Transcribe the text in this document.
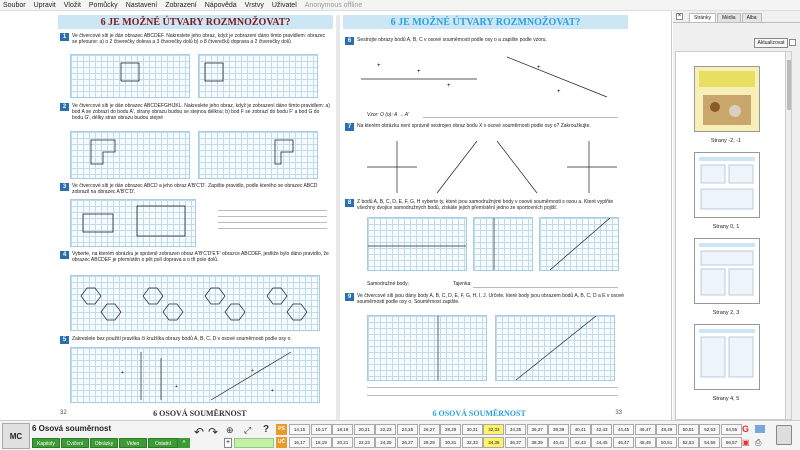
Soubor Upravit Vložit Pomůcky Nastavení Zobrazení Nápověda Vrstvy Uživatel Anonymous offline
6 JE MOŽNÉ ÚTVARY ROZMNOŽOVAT?
1	Ve čtvercové síti je dán obrazec ABCDEF. Nakreslete jeho obraz, když je zobrazení dáno tímto pravidlem: obrazec se přesune: a) o 2 čtverečky doleva a 3 čtverečky dolů b) o 8 čtverečků doprava a 2 čtverečky dolů
2	Ve čtvercové síti je dán obrazec ABCDEFGHIJKL. Nakreslete jeho obraz, když je zobrazení dáno tímto pravidlem: a) bod A se zobrazí do bodu A', strany obrazu budou se stejnou délkou; b) bod F se zobrazí do bodu F' a bod G do bodu G', délky stran obrazu budou stejné
3	Ve čtvercové síti je dán obrazec ABCD a jeho obraz A'B'C'D'. Zapište pravidlo, podle kterého se obrazec ABCD zobrazil na obrazec A'B'C'D'.
4	Vyberte, na kterém obrázku je správně zobrazen obraz A'B'C'D'E'F' obrazce ABCDEF, jestliže bylo dáno pravidlo, že obrazec ABCDEF je přemístěn o pět polí doprava a o tři pole dolů.
5	Zakreslete bez použití pravítka či kružítka obrazy bodů A, B, C, D v osové souměrnosti podle osy o.
+
+
+
+
32	6 OSOVÁ SOUMĚRNOST
6 JE MOŽNÉ ÚTVARY ROZMNOŽOVAT?
6	Sestrojte obrazy bodů A, B, C v osové souměrnosti podle osy o a zapište podle vzoru.
+
+
+
+
+
Vzor: O (o): A → A'
7	Na kterém obrázku není správně sestrojen obraz bodu X v osové souměrnosti podle osy o? Zakroužkujte.
8	Z bodů A, B, C, D, E, F, G, H vyberte ty, které jsou samodružnými body v osové souměrnosti s osou a. Které vyplňte všechny dvojice samodružných bodů, získáte jejich přemístění jedno ze sportovních pojišť.
Samodružné body:	Tajenka:
9	Ve čtvercové síti jsou dány body A, B, C, D, E, F, G, H, I, J. Určete, které body jsou obrazem bodů A, B, C, D a E v osové souměrnosti podle osy o. Souměrnost zapište.
6 OSOVÁ SOUMĚRNOST	33
×	Stránky	Média	Alba
Aktualizovat
Strany -2, -1
Strany 0, 1
Strany 2, 3
Strany 4, 5
MC
6 Osová souměrnost
Kapitoly	Cvičení	Obrázky	Video	Ostatní	˄
↶ ↷ ⊕ ⤢ ?
+
PS
UČ
14,15	16,17	18,19	20,21	22,23	24,25	26,27	28,29	30,31	32,33	34,35	36,37	38,39	40,41	42,43	44,45	46,47	48,49	50,51	52,53	54,55
16,17	18,19	20,21	22,23	24,25	26,27	28,29	30,31	32,33	34,35	36,37	38,39	40,41	42,43	44,45	46,47	48,49	50,51	52,53	54,55	56,57
G
▣ ⎙
